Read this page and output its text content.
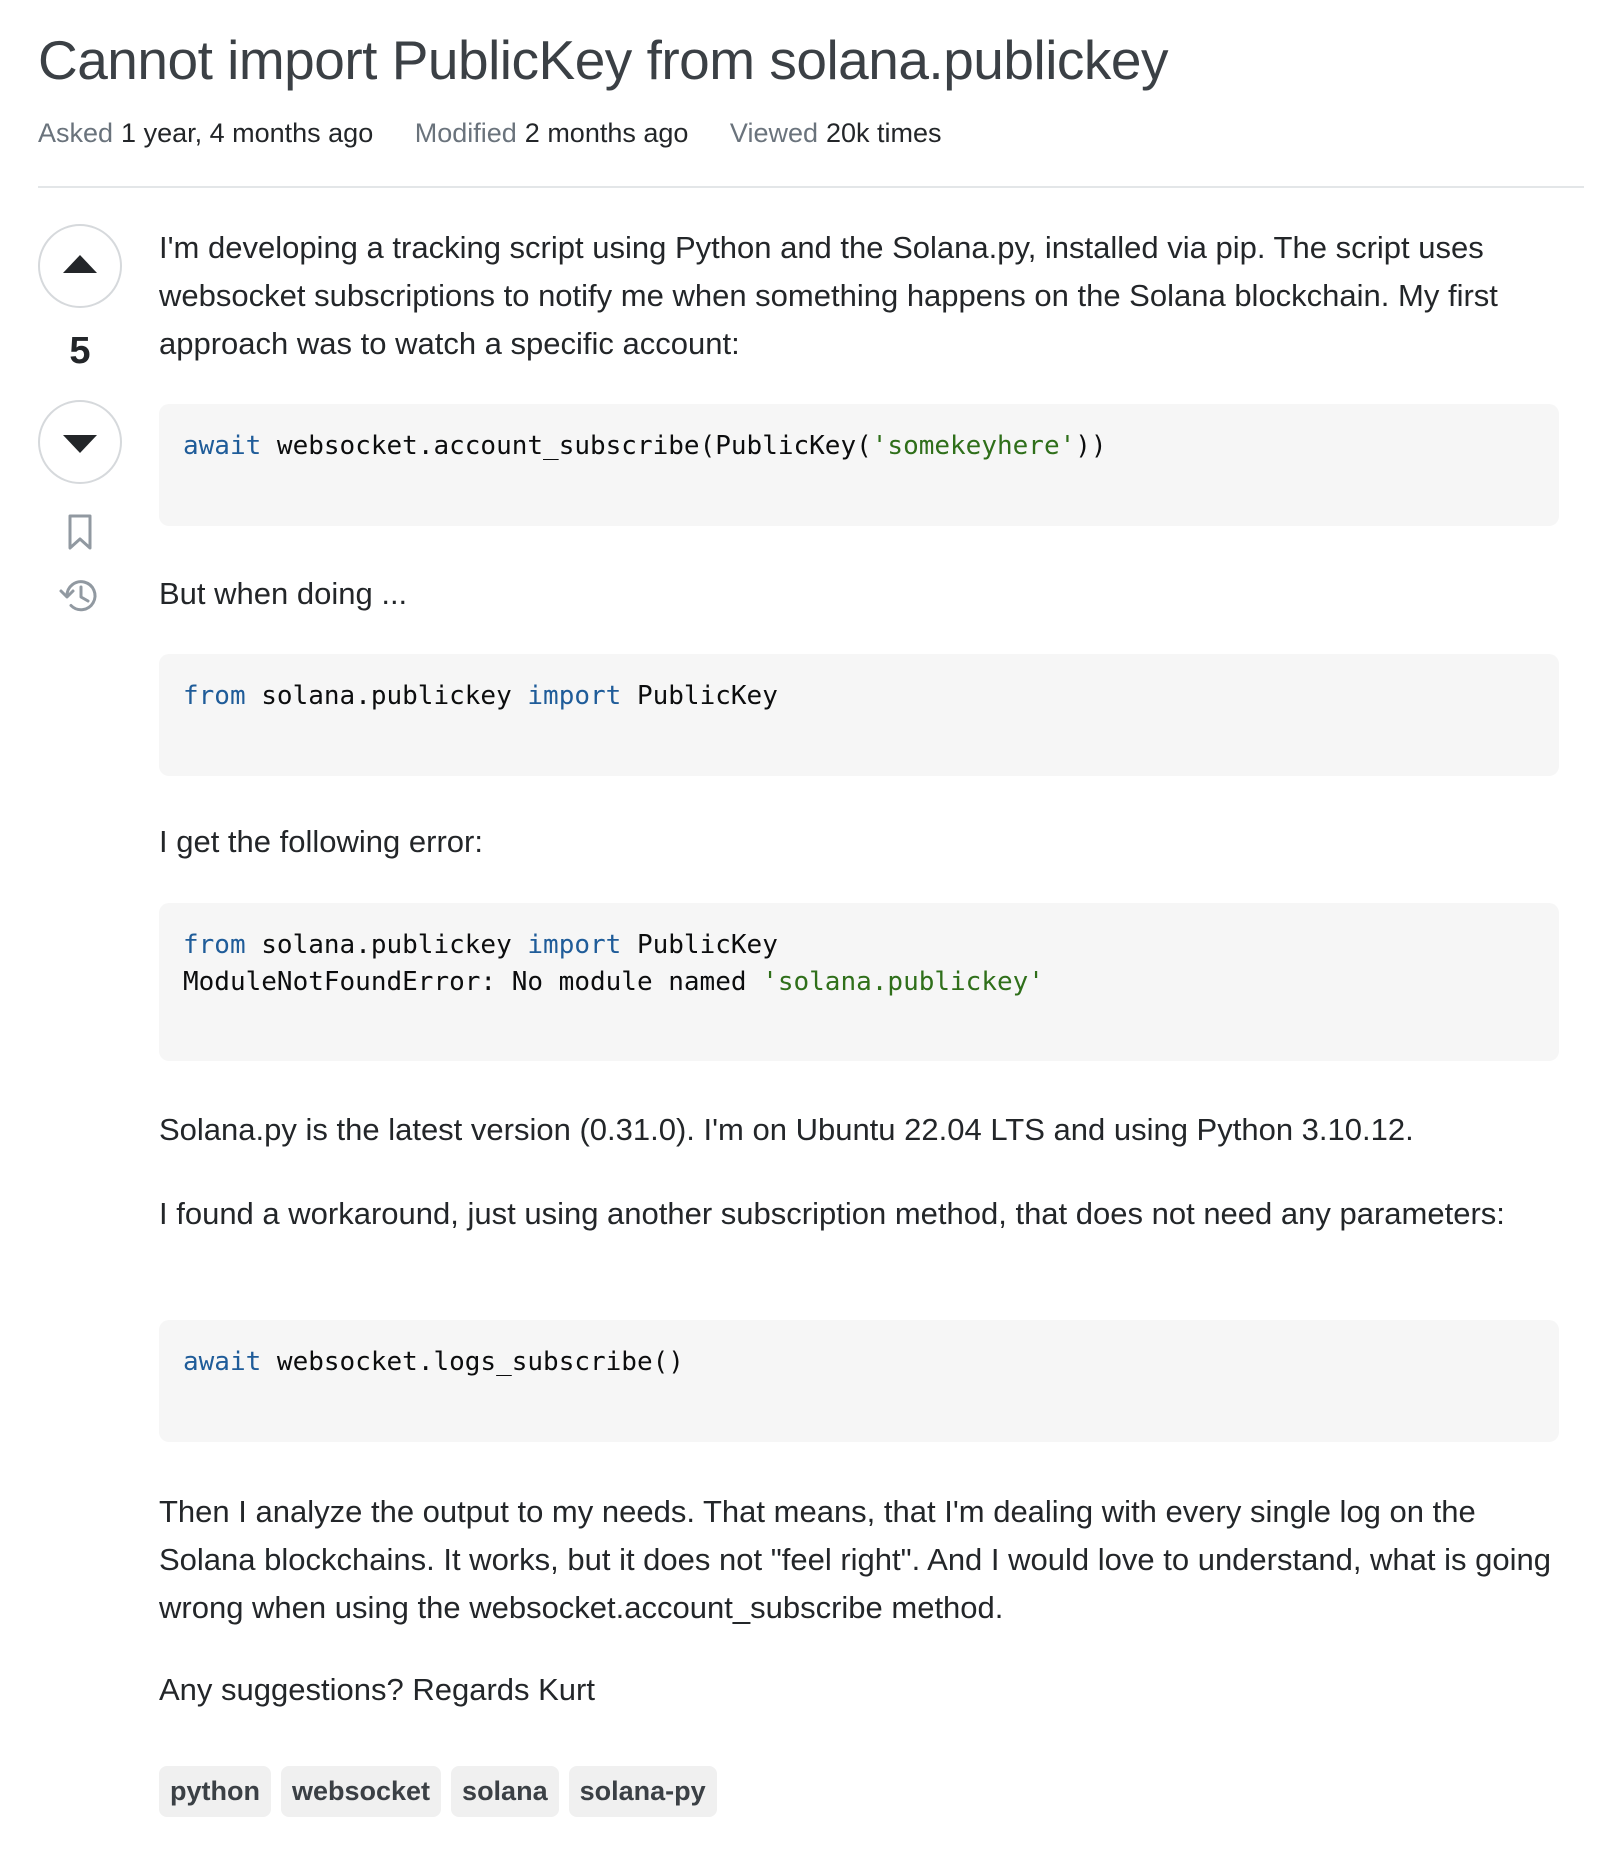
Cannot import PublicKey from solana.publickey
Asked 1 year, 4 months ago Modified 2 months ago Viewed 20k times
5

I'm developing a tracking script using Python and the Solana.py, installed via pip. The script uses websocket subscriptions to notify me when something happens on the Solana blockchain. My first approach was to watch a specific account:

await websocket.account_subscribe(PublicKey('somekeyhere'))

But when doing ...

from solana.publickey import PublicKey

I get the following error:

from solana.publickey import PublicKey
ModuleNotFoundError: No module named 'solana.publickey'

Solana.py is the latest version (0.31.0). I'm on Ubuntu 22.04 LTS and using Python 3.10.12.

I found a workaround, just using another subscription method, that does not need any parameters:

await websocket.logs_subscribe()

Then I analyze the output to my needs. That means, that I'm dealing with every single log on the Solana blockchains. It works, but it does not "feel right". And I would love to understand, what is going wrong when using the websocket.account_subscribe method.

Any suggestions? Regards Kurt

python websocket solana solana-py
